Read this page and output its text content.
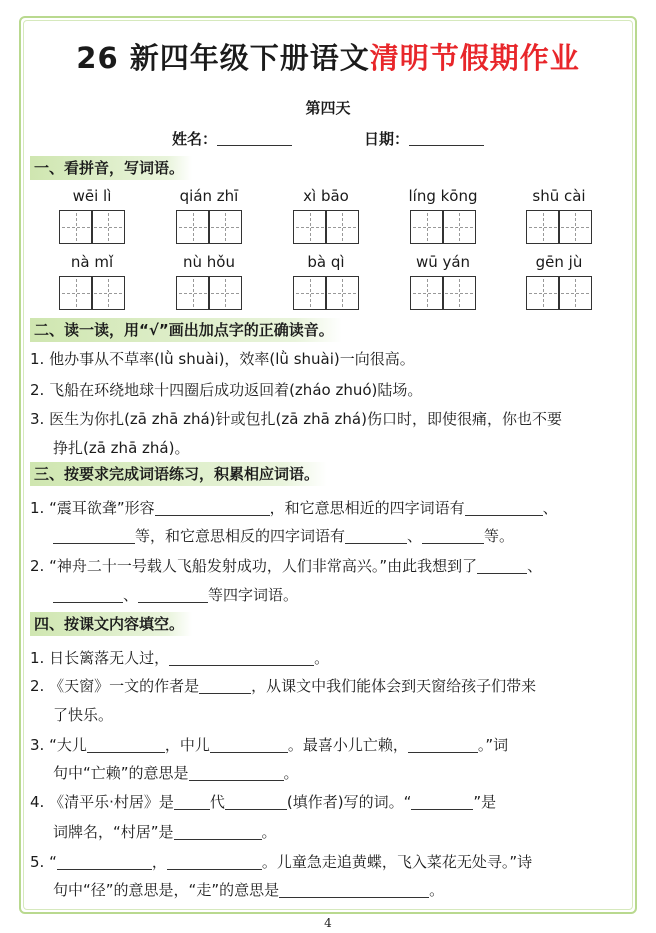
26 新四年级下册语文清明节假期作业
第四天
姓名：	日期：
一、看拼音，写词语。
wēi lì	qián zhī	xì bāo	líng kōng	shū cài
nà mǐ	nù hǒu	bà qì	wū yán	gēn jù
二、读一读，用“√”画出加点字的正确读音。
1. 他办事从不草率(lǜ shuài)，效率(lǜ shuài)一向很高。
2. 飞船在环绕地球十四圈后成功返回着(zháo zhuó)陆场。
3. 医生为你扎(zā zhā zhá)针或包扎(zā zhā zhá)伤口时，即使很痛，你也不要
挣扎(zā zhā zhá)。
三、按要求完成词语练习，积累相应词语。
1. “震耳欲聋”形容	，和它意思相近的四字词语有	、
等，和它意思相反的四字词语有	、	等。
2. “神舟二十一号载人飞船发射成功，人们非常高兴。”由此我想到了	、
、	等四字词语。
四、按课文内容填空。
1. 日长篱落无人过，	。
2. 《天窗》一文的作者是	，从课文中我们能体会到天窗给孩子们带来
了快乐。
3. “大儿	，中儿	。最喜小儿亡赖，	。”词
句中“亡赖”的意思是	。
4. 《清平乐·村居》是 代	(填作者)写的词。“	”是
词牌名，“村居”是	。
5. “	，	。儿童急走追黄蝶，飞入菜花无处寻。”诗
句中“径”的意思是，“走”的意思是	。
4
